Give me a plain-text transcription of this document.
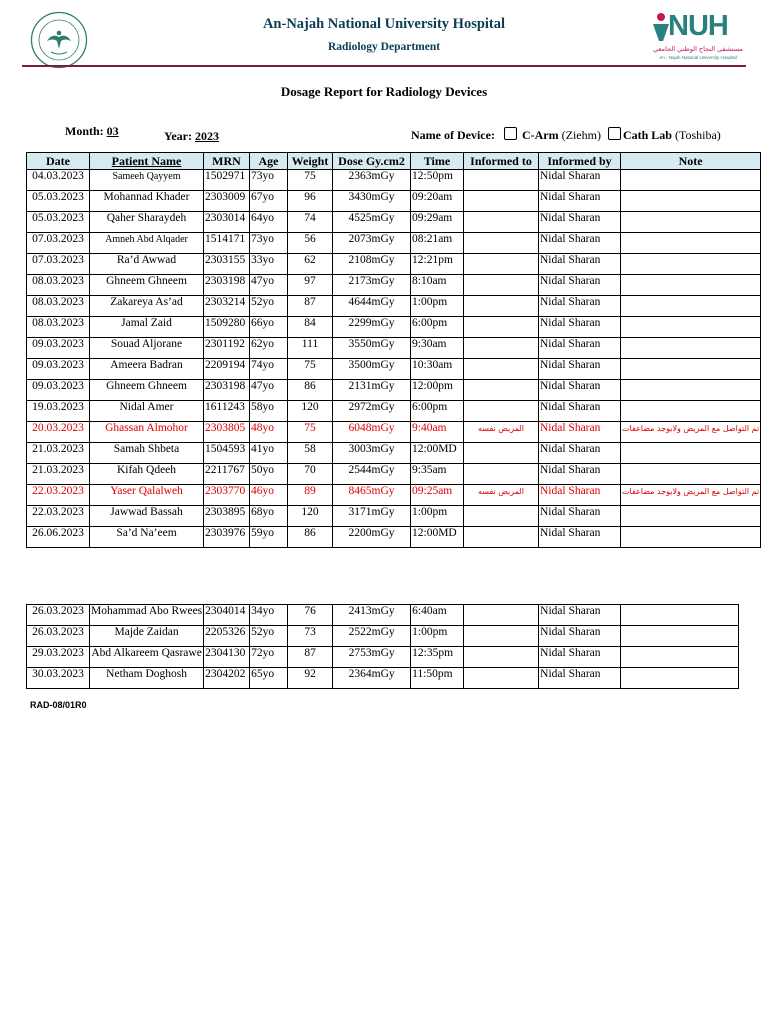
An-Najah National University Hospital
Radiology Department
NUH
مستشفى النجاح الوطني الجامعي
An - Najah National University Hospital
Dosage Report for Radiology Devices
Month: 03	Year: 2023	Name of Device: C-Arm (Ziehm) Cath Lab (Toshiba)
Date	Patient Name	MRN	Age	Weight	Dose Gy.cm2	Time	Informed to	Informed by	Note
04.03.2023	Sameeh Qayyem	1502971	73yo	75	2363mGy	12:50pm		Nidal Sharan	
05.03.2023	Mohannad Khader	2303009	67yo	96	3430mGy	09:20am		Nidal Sharan	
05.03.2023	Qaher Sharaydeh	2303014	64yo	74	4525mGy	09:29am		Nidal Sharan	
07.03.2023	Amneh Abd Alqader	1514171	73yo	56	2073mGy	08:21am		Nidal Sharan	
07.03.2023	Ra’d Awwad	2303155	33yo	62	2108mGy	12:21pm		Nidal Sharan	
08.03.2023	Ghneem Ghneem	2303198	47yo	97	2173mGy	8:10am		Nidal Sharan	
08.03.2023	Zakareya As’ad	2303214	52yo	87	4644mGy	1:00pm		Nidal Sharan	
08.03.2023	Jamal Zaid	1509280	66yo	84	2299mGy	6:00pm		Nidal Sharan	
09.03.2023	Souad Aljorane	2301192	62yo	111	3550mGy	9:30am		Nidal Sharan	
09.03.2023	Ameera Badran	2209194	74yo	75	3500mGy	10:30am		Nidal Sharan	
09.03.2023	Ghneem Ghneem	2303198	47yo	86	2131mGy	12:00pm		Nidal Sharan	
19.03.2023	Nidal Amer	1611243	58yo	120	2972mGy	6:00pm		Nidal Sharan	
20.03.2023	Ghassan Almohor	2303805	48yo	75	6048mGy	9:40am	المريض نفسه	Nidal Sharan	تم التواصل مع المريض ولايوجد مضاعفات
21.03.2023	Samah Shbeta	1504593	41yo	58	3003mGy	12:00MD		Nidal Sharan	
21.03.2023	Kifah Qdeeh	2211767	50yo	70	2544mGy	9:35am		Nidal Sharan	
22.03.2023	Yaser Qalalweh	2303770	46yo	89	8465mGy	09:25am	المريض نفسه	Nidal Sharan	تم التواصل مع المريض ولايوجد مضاعفات
22.03.2023	Jawwad Bassah	2303895	68yo	120	3171mGy	1:00pm		Nidal Sharan	
26.06.2023	Sa’d Na’eem	2303976	59yo	86	2200mGy	12:00MD		Nidal Sharan	
26.03.2023	Mohammad Abo Rwees	2304014	34yo	76	2413mGy	6:40am		Nidal Sharan	
26.03.2023	Majde Zaidan	2205326	52yo	73	2522mGy	1:00pm		Nidal Sharan	
29.03.2023	Abd Alkareem Qasrawe	2304130	72yo	87	2753mGy	12:35pm		Nidal Sharan	
30.03.2023	Netham Doghosh	2304202	65yo	92	2364mGy	11:50pm		Nidal Sharan	
RAD-08/01R0
